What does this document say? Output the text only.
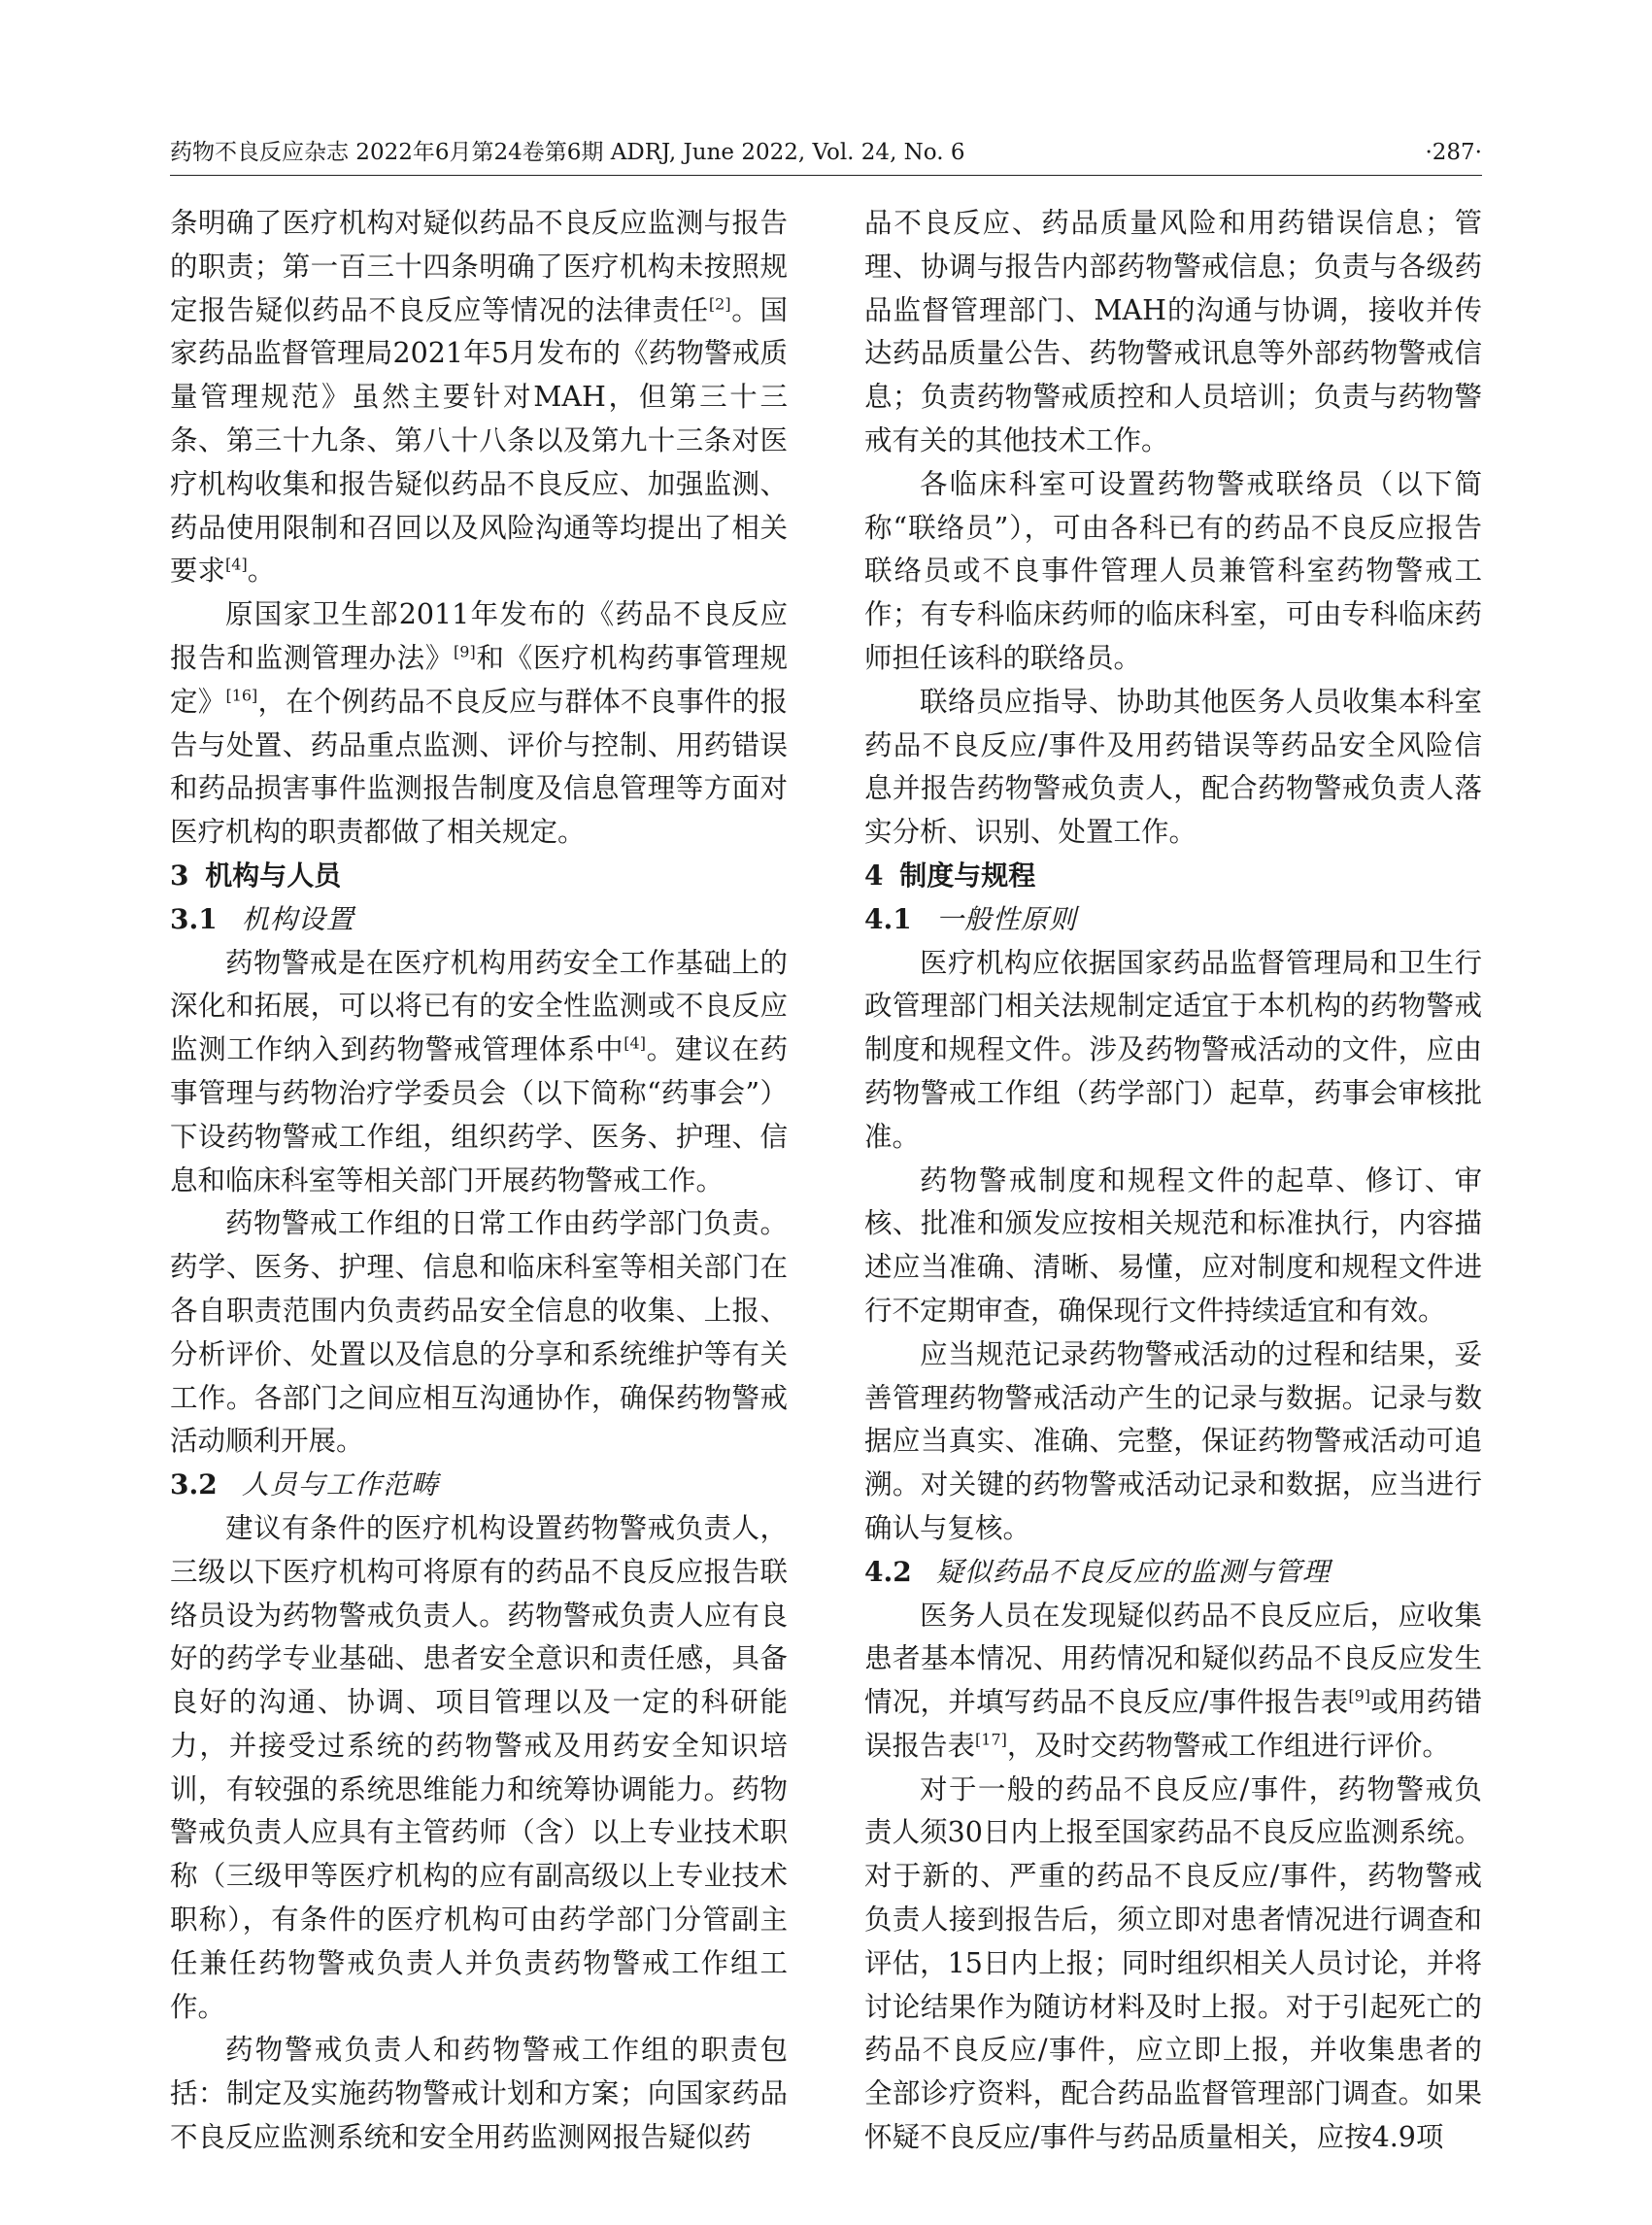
药物不良反应杂志 2022年6月第24卷第6期 ADRJ, June 2022, Vol. 24, No. 6	·287·

条明确了医疗机构对疑似药品不良反应监测与报告的职责；第一百三十四条明确了医疗机构未按照规定报告疑似药品不良反应等情况的法律责任[2]。国家药品监督管理局2021年5月发布的《药物警戒质量管理规范》虽然主要针对MAH，但第三十三条、第三十九条、第八十八条以及第九十三条对医疗机构收集和报告疑似药品不良反应、加强监测、药品使用限制和召回以及风险沟通等均提出了相关要求[4]。

原国家卫生部2011年发布的《药品不良反应报告和监测管理办法》[9]和《医疗机构药事管理规定》[16]，在个例药品不良反应与群体不良事件的报告与处置、药品重点监测、评价与控制、用药错误和药品损害事件监测报告制度及信息管理等方面对医疗机构的职责都做了相关规定。

3 机构与人员
3.1 机构设置

药物警戒是在医疗机构用药安全工作基础上的深化和拓展，可以将已有的安全性监测或不良反应监测工作纳入到药物警戒管理体系中[4]。建议在药事管理与药物治疗学委员会（以下简称“药事会”）下设药物警戒工作组，组织药学、医务、护理、信息和临床科室等相关部门开展药物警戒工作。

药物警戒工作组的日常工作由药学部门负责。药学、医务、护理、信息和临床科室等相关部门在各自职责范围内负责药品安全信息的收集、上报、分析评价、处置以及信息的分享和系统维护等有关工作。各部门之间应相互沟通协作，确保药物警戒活动顺利开展。

3.2 人员与工作范畴

建议有条件的医疗机构设置药物警戒负责人，三级以下医疗机构可将原有的药品不良反应报告联络员设为药物警戒负责人。药物警戒负责人应有良好的药学专业基础、患者安全意识和责任感，具备良好的沟通、协调、项目管理以及一定的科研能力，并接受过系统的药物警戒及用药安全知识培训，有较强的系统思维能力和统筹协调能力。药物警戒负责人应具有主管药师（含）以上专业技术职称（三级甲等医疗机构的应有副高级以上专业技术职称），有条件的医疗机构可由药学部门分管副主任兼任药物警戒负责人并负责药物警戒工作组工作。

药物警戒负责人和药物警戒工作组的职责包括：制定及实施药物警戒计划和方案；向国家药品不良反应监测系统和安全用药监测网报告疑似药

品不良反应、药品质量风险和用药错误信息；管理、协调与报告内部药物警戒信息；负责与各级药品监督管理部门、MAH的沟通与协调，接收并传达药品质量公告、药物警戒讯息等外部药物警戒信息；负责药物警戒质控和人员培训；负责与药物警戒有关的其他技术工作。

各临床科室可设置药物警戒联络员（以下简称“联络员”），可由各科已有的药品不良反应报告联络员或不良事件管理人员兼管科室药物警戒工作；有专科临床药师的临床科室，可由专科临床药师担任该科的联络员。

联络员应指导、协助其他医务人员收集本科室药品不良反应/事件及用药错误等药品安全风险信息并报告药物警戒负责人，配合药物警戒负责人落实分析、识别、处置工作。

4 制度与规程
4.1 一般性原则

医疗机构应依据国家药品监督管理局和卫生行政管理部门相关法规制定适宜于本机构的药物警戒制度和规程文件。涉及药物警戒活动的文件，应由药物警戒工作组（药学部门）起草，药事会审核批准。

药物警戒制度和规程文件的起草、修订、审核、批准和颁发应按相关规范和标准执行，内容描述应当准确、清晰、易懂，应对制度和规程文件进行不定期审查，确保现行文件持续适宜和有效。

应当规范记录药物警戒活动的过程和结果，妥善管理药物警戒活动产生的记录与数据。记录与数据应当真实、准确、完整，保证药物警戒活动可追溯。对关键的药物警戒活动记录和数据，应当进行确认与复核。

4.2 疑似药品不良反应的监测与管理

医务人员在发现疑似药品不良反应后，应收集患者基本情况、用药情况和疑似药品不良反应发生情况，并填写药品不良反应/事件报告表[9]或用药错误报告表[17]，及时交药物警戒工作组进行评价。

对于一般的药品不良反应/事件，药物警戒负责人须30日内上报至国家药品不良反应监测系统。对于新的、严重的药品不良反应/事件，药物警戒负责人接到报告后，须立即对患者情况进行调查和评估，15日内上报；同时组织相关人员讨论，并将讨论结果作为随访材料及时上报。对于引起死亡的药品不良反应/事件，应立即上报，并收集患者的全部诊疗资料，配合药品监督管理部门调查。如果怀疑不良反应/事件与药品质量相关，应按4.9项
